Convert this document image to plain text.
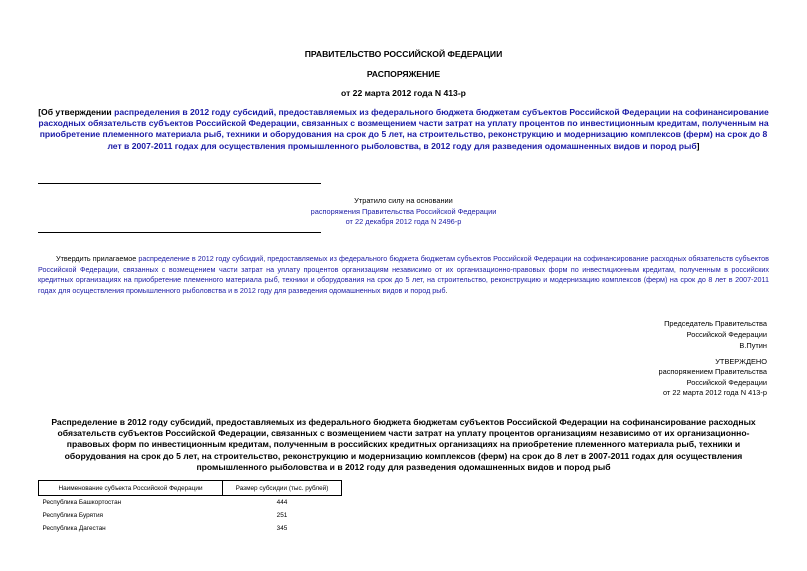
ПРАВИТЕЛЬСТВО РОССИЙСКОЙ ФЕДЕРАЦИИ
РАСПОРЯЖЕНИЕ
от 22 марта 2012 года N 413-р
[Об утверждении распределения в 2012 году субсидий, предоставляемых из федерального бюджета бюджетам субъектов Российской Федерации на софинансирование расходных обязательств субъектов Российской Федерации, связанных с возмещением части затрат на уплату процентов по инвестиционным кредитам, полученным на приобретение племенного материала рыб, техники и оборудования на срок до 5 лет, на строительство, реконструкцию и модернизацию комплексов (ферм) на срок до 8 лет в 2007-2011 годах для осуществления промышленного рыболовства, в 2012 году для разведения одомашненных видов и пород рыб]
Утратило силу на основании
распоряжения Правительства Российской Федерации
от 22 декабря 2012 года N 2496-р
Утвердить прилагаемое распределение в 2012 году субсидий, предоставляемых из федерального бюджета бюджетам субъектов Российской Федерации на софинансирование расходных обязательств субъектов Российской Федерации, связанных с возмещением части затрат на уплату процентов организациям независимо от их организационно-правовых форм по инвестиционным кредитам, полученным в российских кредитных организациях на приобретение племенного материала рыб, техники и оборудования на срок до 5 лет, на строительство, реконструкцию и модернизацию комплексов (ферм) на срок до 8 лет в 2007-2011 годах для осуществления промышленного рыболовства и в 2012 году для разведения одомашненных видов и пород рыб.
Председатель Правительства
Российской Федерации
В.Путин
УТВЕРЖДЕНО
распоряжением Правительства
Российской Федерации
от 22 марта 2012 года N 413-р
Распределение в 2012 году субсидий, предоставляемых из федерального бюджета бюджетам субъектов Российской Федерации на софинансирование расходных обязательств субъектов Российской Федерации, связанных с возмещением части затрат на уплату процентов организациям независимо от их организационно-правовых форм по инвестиционным кредитам, полученным в российских кредитных организациях на приобретение племенного материала рыб, техники и оборудования на срок до 5 лет, на строительство, реконструкцию и модернизацию комплексов (ферм) на срок до 8 лет в 2007-2011 годах для осуществления промышленного рыболовства и в 2012 году для разведения одомашненных видов и пород рыб
Наименование субъекта Российской Федерации	Размер субсидии (тыс. рублей)
Республика Башкортостан	444
Республика Бурятия	251
Республика Дагестан	345
